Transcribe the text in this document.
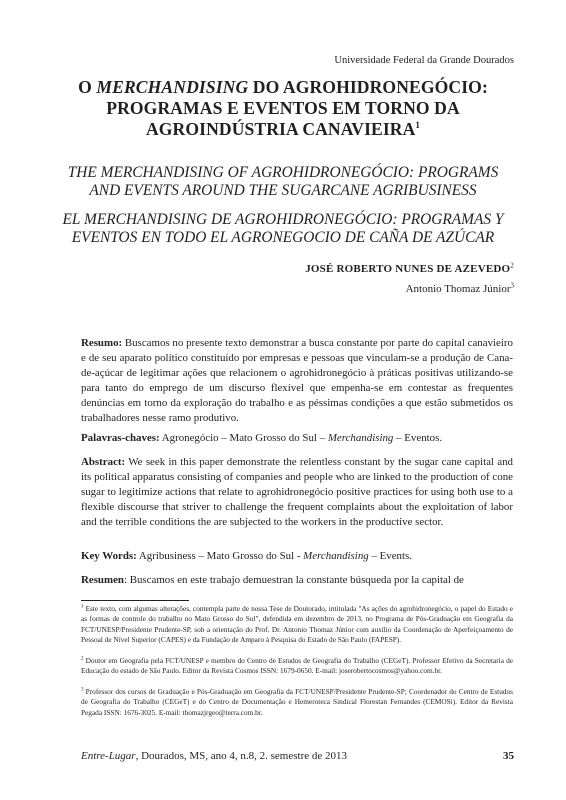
Universidade Federal da Grande Dourados
O MERCHANDISING DO AGROHIDRONEGÓCIO: PROGRAMAS E EVENTOS EM TORNO DA AGROINDÚSTRIA CANAVIEIRA$^1$
THE MERCHANDISING OF AGROHIDRONEGÓCIO: PROGRAMS AND EVENTS AROUND THE SUGARCANE AGRIBUSINESS
EL MERCHANDISING DE AGROHIDRONEGÓCIO: PROGRAMAS Y EVENTOS EN TODO EL AGRONEGOCIO DE CAÑA DE AZÚCAR
JOSÉ ROBERTO NUNES DE AZEVEDO$^2$
Antonio Thomaz Júnior$^3$
Resumo: Buscamos no presente texto demonstrar a busca constante por parte do capital canavieiro e de seu aparato político constituído por empresas e pessoas que vinculam-se a produção de Cana-de-açúcar de legitimar ações que relacionem o agrohidronegócio à práticas positivas utilizando-se para tanto do emprego de um discurso flexível que empenha-se em contestar as frequentes denúncias em torno da exploração do trabalho e as péssimas condições a que estão submetidos os trabalhadores nesse ramo produtivo.
Palavras-chaves: Agronegócio – Mato Grosso do Sul – Merchandising – Eventos.
Abstract: We seek in this paper demonstrate the relentless constant by the sugar cane capital and its political apparatus consisting of companies and people who are linked to the production of cone sugar to legitimize actions that relate to agrohidronegócio positive practices for using both use to a flexible discourse that striver to challenge the frequent complaints about the exploitation of labor and the terrible conditions the are subjected to the workers in the productive sector.
Key Words: Agribusiness – Mato Grosso do Sul - Merchandising – Events.
Resumen: Buscamos en este trabajo demuestran la constante búsqueda por la capital de
$^1$ Este texto, com algumas alterações, contempla parte de nossa Tese de Doutorado, intitulada "As ações do agrohidronegócio, o papel do Estado e as formas de controle do trabalho no Mato Grosso do Sul", defendida em dezembro de 2013, no Programa de Pós-Graduação em Geografia da FCT/UNESP/Presidente Prudente-SP, sob a orientação do Prof. Dr. Antonio Thomaz Júnior com auxílio da Coordenação de Aperfeiçoamento de Pessoal de Nível Superior (CAPES) e da Fundação de Amparo à Pesquisa do Estado de São Paulo (FAPESP).
$^2$ Doutor em Geografia pela FCT/UNESP e membro do Centro de Estudos de Geografia do Trabalho (CEGeT). Professor Efetivo da Secretaria de Educação do estado de São Paulo. Editor da Revista Cosmos ISSN: 1679-0650. E-mail: joserobertocosmos@yahoo.com.br.
$^3$ Professor dos cursos de Graduação e Pós-Graduação em Geografia da FCT/UNESP/Presidente Prudente-SP; Coordenador do Centro de Estudos de Geografia do Trabalho (CEGeT) e do Centro de Documentação e Hemeroteca Sindical Florestan Fernandes (CEMOSi). Editor da Revista Pegada ISSN: 1676-3025. E-mail: thomazjrgeo@terra.com.br.
Entre-Lugar, Dourados, MS, ano 4, n.8, 2. semestre de 2013	35
